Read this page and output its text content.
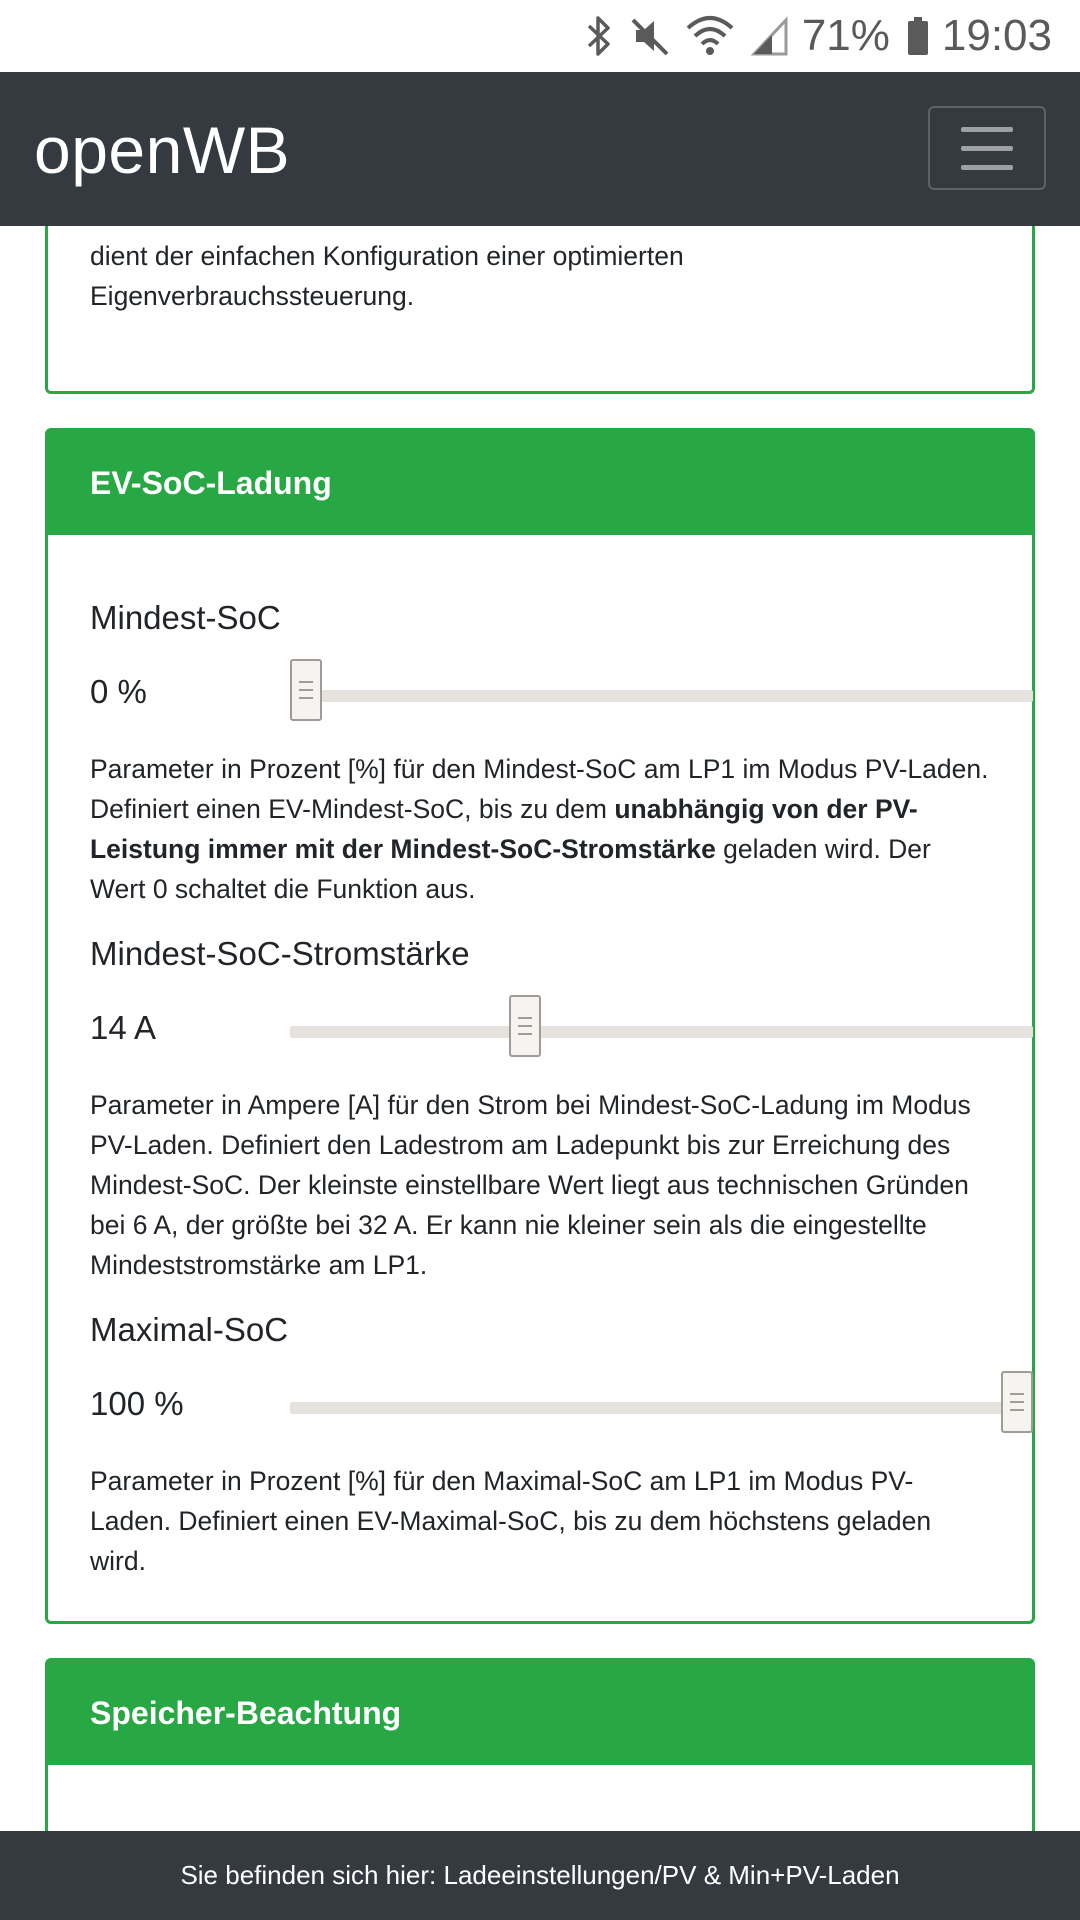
71% 19:03
openWB
dient der einfachen Konfiguration einer optimierten
Eigenverbrauchssteuerung.
EV-SoC-Ladung
Mindest-SoC
0 %
Parameter in Prozent [%] für den Mindest-SoC am LP1 im Modus PV-Laden. Definiert einen EV-Mindest-SoC, bis zu dem unabhängig von der PV-Leistung immer mit der Mindest-SoC-Stromstärke geladen wird. Der Wert 0 schaltet die Funktion aus.
Mindest-SoC-Stromstärke
14 A
Parameter in Ampere [A] für den Strom bei Mindest-SoC-Ladung im Modus PV-Laden. Definiert den Ladestrom am Ladepunkt bis zur Erreichung des Mindest-SoC. Der kleinste einstellbare Wert liegt aus technischen Gründen bei 6 A, der größte bei 32 A. Er kann nie kleiner sein als die eingestellte Mindeststromstärke am LP1.
Maximal-SoC
100 %
Parameter in Prozent [%] für den Maximal-SoC am LP1 im Modus PV-Laden. Definiert einen EV-Maximal-SoC, bis zu dem höchstens geladen wird.
Speicher-Beachtung
Sie befinden sich hier: Ladeeinstellungen/PV & Min+PV-Laden
